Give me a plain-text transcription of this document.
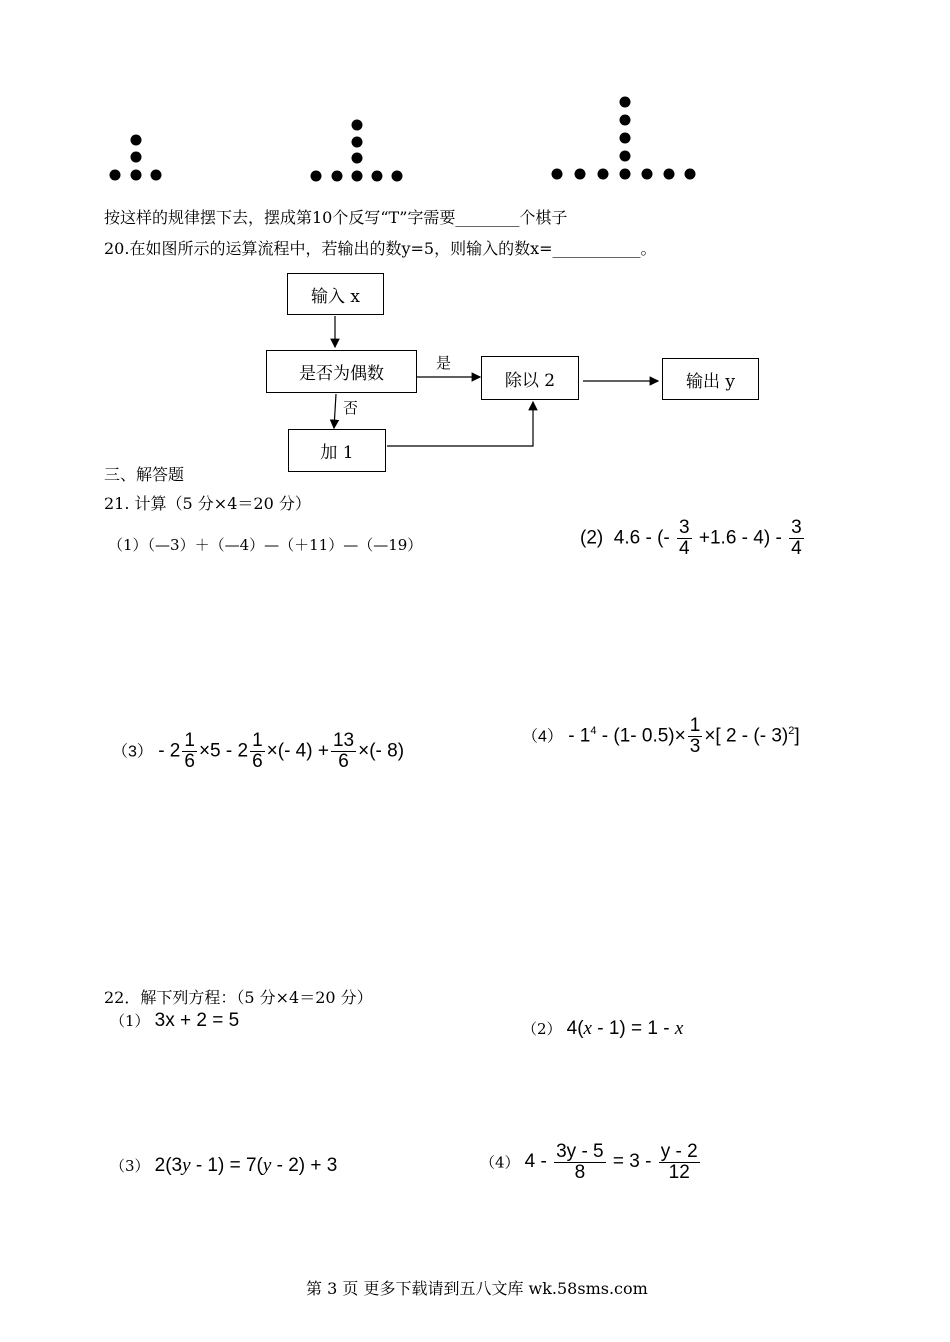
按这样的规律摆下去，摆成第10个反写“T”字需要________个棋子
20.在如图所示的运算流程中，若输出的数y=5，则输入的数x=___________。
输入 x
是否为偶数	除以 2	输出 y
加 1
是
否
三、解答题
21. 计算（5 分×4＝20 分）
（1）（—3）＋（—4）—（＋11）—（—19）	(2) 4.6 - (- $\frac{3}{4} +1.6 - 4) - \frac{3}{4}$
$(3) - 2 \frac{1}{6} \times 5 - 2 \frac{1}{6}$ ×(- $4) + \frac{13}{6}$ ×(- 8)
$(4) - 1^4 - (1-$ $0.5)\times \frac{1}{3}$ ×[ 2 - (- 3)$^2$]
22．解下列方程：（5 分×4＝20 分）
（1） 3x + 2 = 5	（2） 4(x - 1) = 1 - x
（3） 2(3y - 1) = 7(y - 2) + 3	（4） $4 - \frac{3y - 5}{8} = 3 - \frac{y - 2}{12}$
第 3 页 更多下载请到五八文库 wk.58sms.com
